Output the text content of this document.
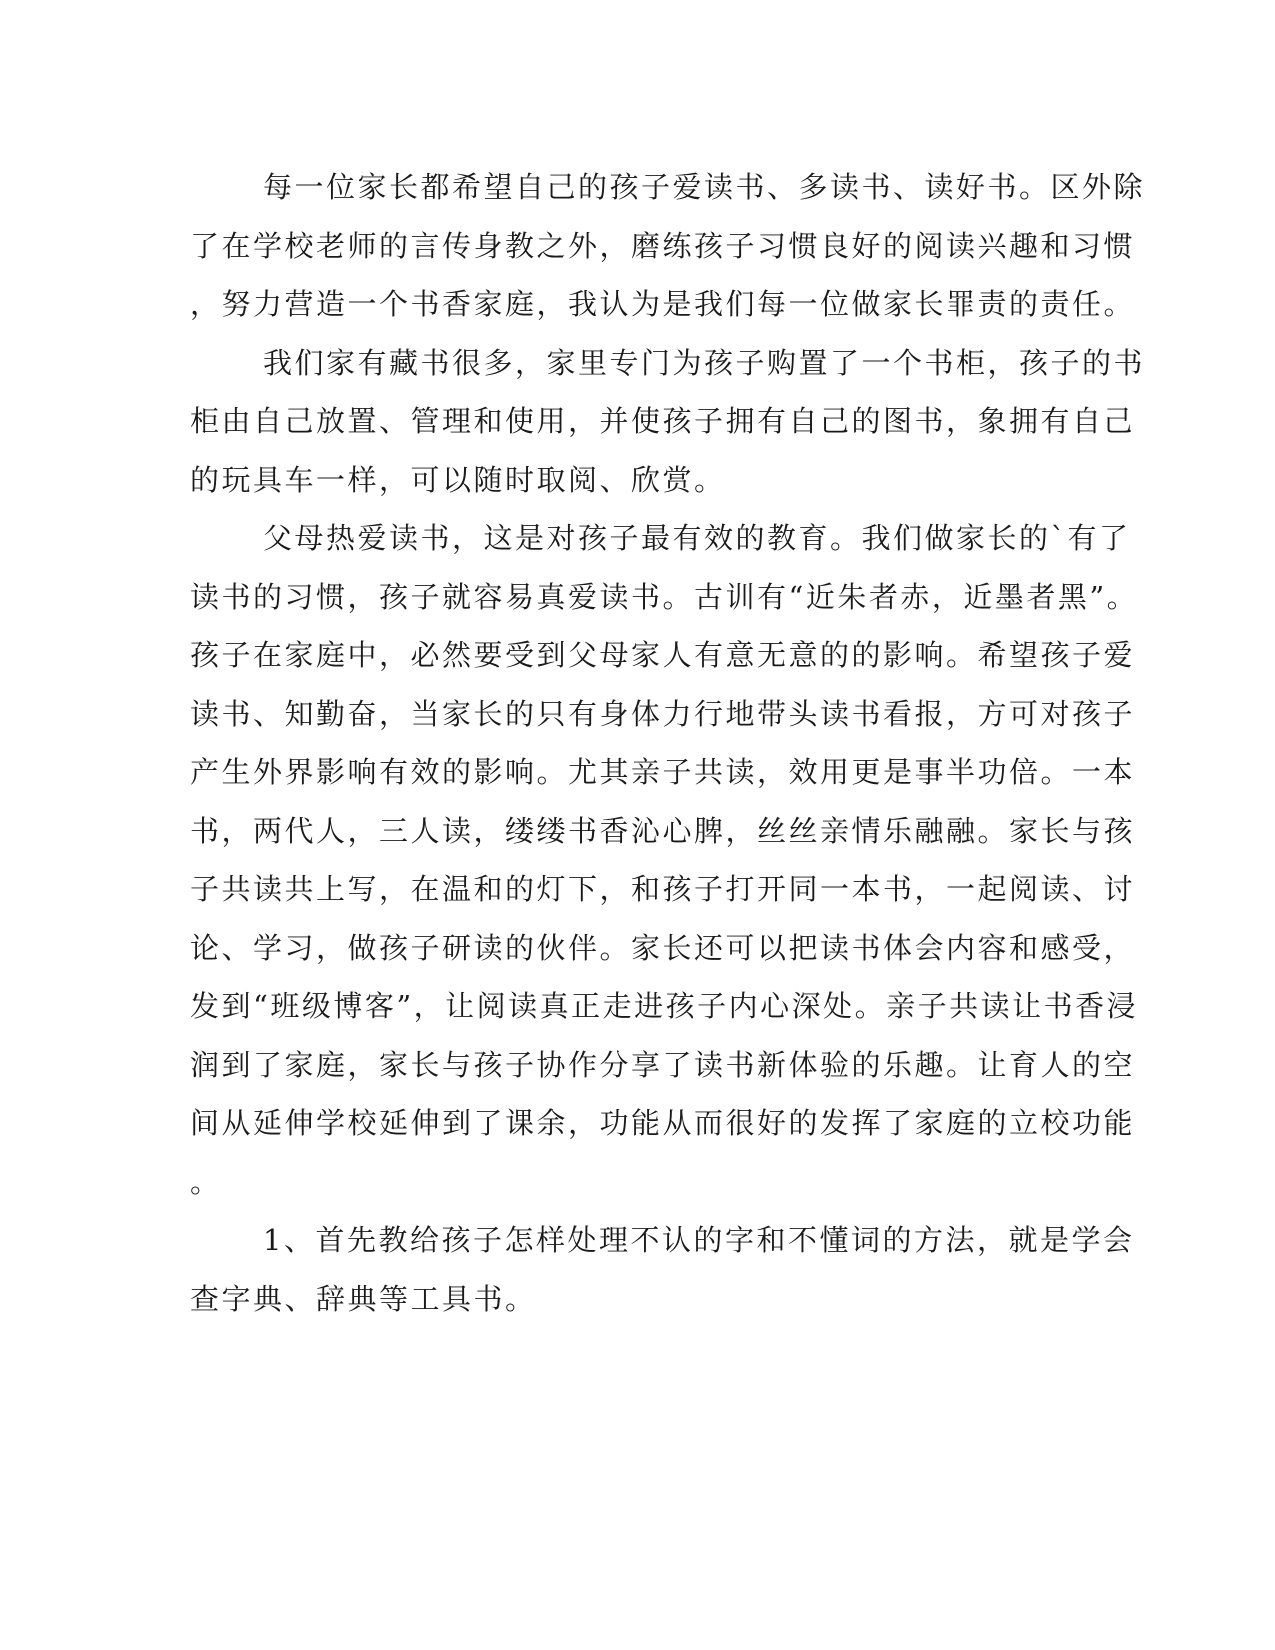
每一位家长都希望自己的孩子爱读书、多读书、读好书。区外除
了在学校老师的言传身教之外，磨练孩子习惯良好的阅读兴趣和习惯
，努力营造一个书香家庭，我认为是我们每一位做家长罪责的责任。
我们家有藏书很多，家里专门为孩子购置了一个书柜，孩子的书
柜由自己放置、管理和使用，并使孩子拥有自己的图书，象拥有自己
的玩具车一样，可以随时取阅、欣赏。
父母热爱读书，这是对孩子最有效的教育。我们做家长的`有了
读书的习惯，孩子就容易真爱读书。古训有“近朱者赤，近墨者黑”。
孩子在家庭中，必然要受到父母家人有意无意的的影响。希望孩子爱
读书、知勤奋，当家长的只有身体力行地带头读书看报，方可对孩子
产生外界影响有效的影响。尤其亲子共读，效用更是事半功倍。一本
书，两代人，三人读，缕缕书香沁心脾，丝丝亲情乐融融。家长与孩
子共读共上写，在温和的灯下，和孩子打开同一本书，一起阅读、讨
论、学习，做孩子研读的伙伴。家长还可以把读书体会内容和感受，
发到“班级博客”，让阅读真正走进孩子内心深处。亲子共读让书香浸
润到了家庭，家长与孩子协作分享了读书新体验的乐趣。让育人的空
间从延伸学校延伸到了课余，功能从而很好的发挥了家庭的立校功能
。
1、首先教给孩子怎样处理不认的字和不懂词的方法，就是学会
查字典、辞典等工具书。
